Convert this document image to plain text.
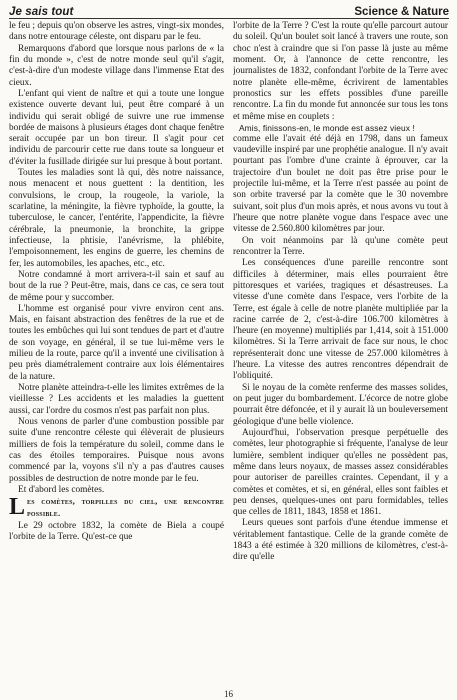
Je sais tout	Science & Nature

le feu ; depuis qu'on observe les astres, vingt-six mondes, dans notre entourage céleste, ont disparu par le feu.

Remarquons d'abord que lorsque nous parlons de « la fin du monde », c'est de notre monde seul qu'il s'agit, c'est-à-dire d'un modeste village dans l'immense Etat des cieux.

L'enfant qui vient de naître et qui a toute une longue existence ouverte devant lui, peut être comparé à un individu qui serait obligé de suivre une rue immense bordée de maisons à plusieurs étages dont chaque fenêtre serait occupée par un bon tireur. Il s'agit pour cet individu de parcourir cette rue dans toute sa longueur et d'éviter la fusillade dirigée sur lui presque à bout portant.

Toutes les maladies sont là qui, dès notre naissance, nous menacent et nous guettent : la dentition, les convulsions, le croup, la rougeole, la variole, la scarlatine, la méningite, la fièvre typhoïde, la goutte, la tuberculose, le cancer, l'entérite, l'appendicite, la fièvre cérébrale, la pneumonie, la bronchite, la grippe infectieuse, la phtisie, l'anévrisme, la phlébite, l'empoisonnement, les engins de guerre, les chemins de fer, les automobiles, les apaches, etc., etc.

Notre condamné à mort arrivera-t-il sain et sauf au bout de la rue ? Peut-être, mais, dans ce cas, ce sera tout de même pour y succomber.

L'homme est organisé pour vivre environ cent ans. Mais, en faisant abstraction des fenêtres de la rue et de toutes les embûches qui lui sont tendues de part et d'autre de son voyage, en général, il se tue lui-même vers le milieu de la route, parce qu'il a inventé une civilisation à peu près diamétralement contraire aux lois élémentaires de la nature.

Notre planète atteindra-t-elle les limites extrêmes de la vieillesse ? Les accidents et les maladies la guettent aussi, car l'ordre du cosmos n'est pas parfait non plus.

Nous venons de parler d'une combustion possible par suite d'une rencontre céleste qui élèverait de plusieurs milliers de fois la température du soleil, comme dans le cas des étoiles temporaires. Puisque nous avons commencé par la, voyons s'il n'y a pas d'autres causes possibles de destruction de notre monde par le feu.

Et d'abord les comètes.

L es comètes, torpilles du ciel, une rencontre possible.

Le 29 octobre 1832, la comète de Biela a coupé l'orbite de la Terre. Qu'est-ce que

l'orbite de la Terre ? C'est la route qu'elle parcourt autour du soleil. Qu'un boulet soit lancé à travers une route, son choc n'est à craindre que si l'on passe là juste au même moment. Or, à l'annonce de cette rencontre, les journalistes de 1832, confondant l'orbite de la Terre avec notre planète elle-même, écrivirent de lamentables pronostics sur les effets possibles d'une pareille rencontre. La fin du monde fut annoncée sur tous les tons et même mise en couplets :

Amis, finissons-en, le monde est assez vieux !

comme elle l'avait été déjà en 1798, dans un fameux vaudeville inspiré par une prophétie analogue. Il n'y avait pourtant pas l'ombre d'une crainte à éprouver, car la trajectoire d'un boulet ne doit pas être prise pour le projectile lui-même, et la Terre n'est passée au point de son orbite traversé par la comète que le 30 novembre suivant, soit plus d'un mois après, et nous avons vu tout à l'heure que notre planète vogue dans l'espace avec une vitesse de 2.560.800 kilomètres par jour.

On voit néanmoins par là qu'une comète peut rencontrer la Terre.

Les conséquences d'une pareille rencontre sont difficiles à déterminer, mais elles pourraient être pittoresques et variées, tragiques et désastreuses. La vitesse d'une comète dans l'espace, vers l'orbite de la Terre, est égale à celle de notre planète multipliée par la racine carrée de 2, c'est-à-dire 106.700 kilomètres à l'heure (en moyenne) multipliés par 1,414, soit à 151.000 kilomètres. Si la Terre arrivait de face sur nous, le choc représenterait donc une vitesse de 257.000 kilomètres à l'heure. La vitesse des autres rencontres dépendrait de l'obliquité.

Si le noyau de la comète renferme des masses solides, on peut juger du bombardement. L'écorce de notre globe pourrait être défoncée, et il y aurait là un bouleversement géologique d'une belle violence.

Aujourd'hui, l'observation presque perpétuelle des comètes, leur photographie si fréquente, l'analyse de leur lumière, semblent indiquer qu'elles ne possèdent pas, même dans leurs noyaux, de masses assez considérables pour autoriser de pareilles craintes. Cependant, il y a comètes et comètes, et si, en général, elles sont faibles et peu denses, quelques-unes ont paru formidables, telles que celles de 1811, 1843, 1858 et 1861.

Leurs queues sont parfois d'une étendue immense et véritablement fantastique. Celle de la grande comète de 1843 a été estimée à 320 millions de kilomètres, c'est-à-dire qu'elle

16
